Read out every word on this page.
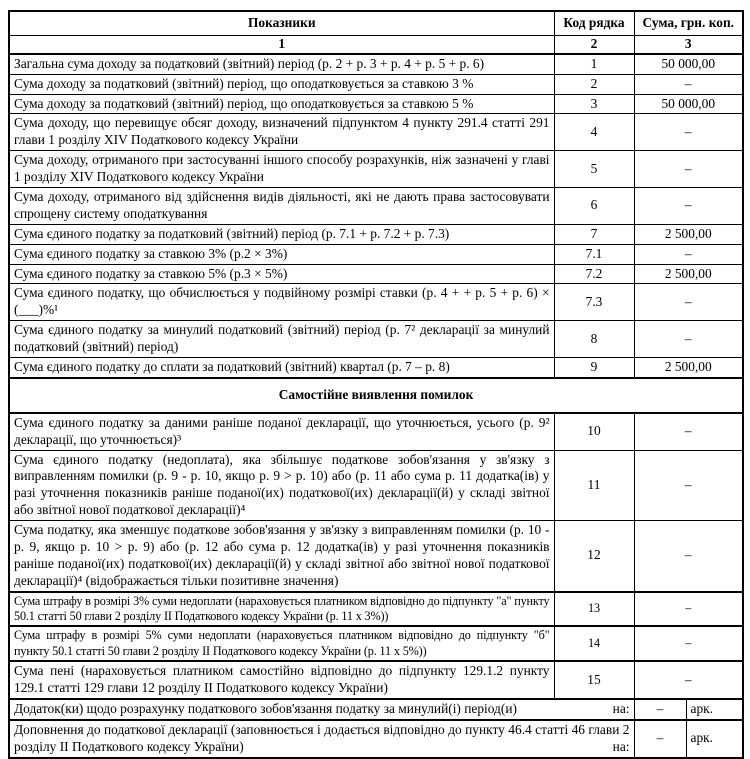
Показники	Код рядка	Сума, грн. коп.	
1	2	3	
Загальна сума доходу за податковий (звітний) період (р. 2 + р. 3 + р. 4 + р. 5 + р. 6)	1	50 000,00	
Сума доходу за податковий (звітний) період, що оподатковується за ставкою 3 %	2	–	
Сума доходу за податковий (звітний) період, що оподатковується за ставкою 5 %	3	50 000,00	
Сума доходу, що перевищує обсяг доходу, визначений підпунктом 4 пункту 291.4 статті 291 глави 1 розділу XIV Податкового кодексу України	4	–	
Сума доходу, отриманого при застосуванні іншого способу розрахунків, ніж зазначені у главі 1 розділу XIV Податкового кодексу України	5	–	
Сума доходу, отриманого від здійснення видів діяльності, які не дають права застосовувати спрощену систему оподаткування	6	–	
Сума єдиного податку за податковий (звітний) період (р. 7.1 + р. 7.2 + р. 7.3)	7	2 500,00	
Сума єдиного податку за ставкою 3% (р.2 × 3%)	7.1	–	
Сума єдиного податку за ставкою 5% (р.3 × 5%)	7.2	2 500,00	
Сума єдиного податку, що обчислюється у подвійному розмірі ставки (р. 4 + + р. 5 + р. 6) × (___)%¹	7.3	–	
Сума єдиного податку за минулий податковий (звітний) період (р. 7² декларації за минулий податковий (звітний) період)	8	–	
Сума єдиного податку до сплати за податковий (звітний) квартал (р. 7 – р. 8)	9	2 500,00	
Самостійне виявлення помилок			
Сума єдиного податку за даними раніше поданої декларації, що уточнюється, усього (р. 9² декларації, що уточнюється)³	10	–	
Сума єдиного податку (недоплата), яка збільшує податкове зобов'язання у зв'язку з виправленням помилки (р. 9 - р. 10, якщо р. 9 > р. 10) або (р. 11 або сума р. 11 додатка(ів) у разі уточнення показників раніше поданої(их) податкової(их) декларації(й) у складі звітної або звітної нової податкової декларації)⁴	11	–	
Сума податку, яка зменшує податкове зобов'язання у зв'язку з виправленням помилки (р. 10 - р. 9, якщо р. 10 > р. 9) або (р. 12 або сума р. 12 додатка(ів) у разі уточнення показників раніше поданої(их) податкової(их) декларації(й) у складі звітної або звітної нової податкової декларації)⁴ (відображається тільки позитивне значення)	12	–	
Сума штрафу в розмірі 3% суми недоплати (нараховується платником відповідно до підпункту "а" пункту 50.1 статті 50 глави 2 розділу II Податкового кодексу України (р. 11 х 3%))	13	–	
Сума штрафу в розмірі 5% суми недоплати (нараховується платником відповідно до підпункту "б" пункту 50.1 статті 50 глави 2 розділу II Податкового кодексу України (р. 11 х 5%))	14	–	
Сума пені (нараховується платником самостійно відповідно до підпункту 129.1.2 пункту 129.1 статті 129 глави 12 розділу II Податкового кодексу України)	15	–	

на:
Додаток(ки) щодо розрахунку податкового зобов'язання податку за минулий(і) період(и)		–	арк.
Доповнення до податкової декларації (заповнюється і додається відповідно до пункту 46.4 статті 46 глави 2 розділу II Податкового кодексу України) на:		–	арк.
